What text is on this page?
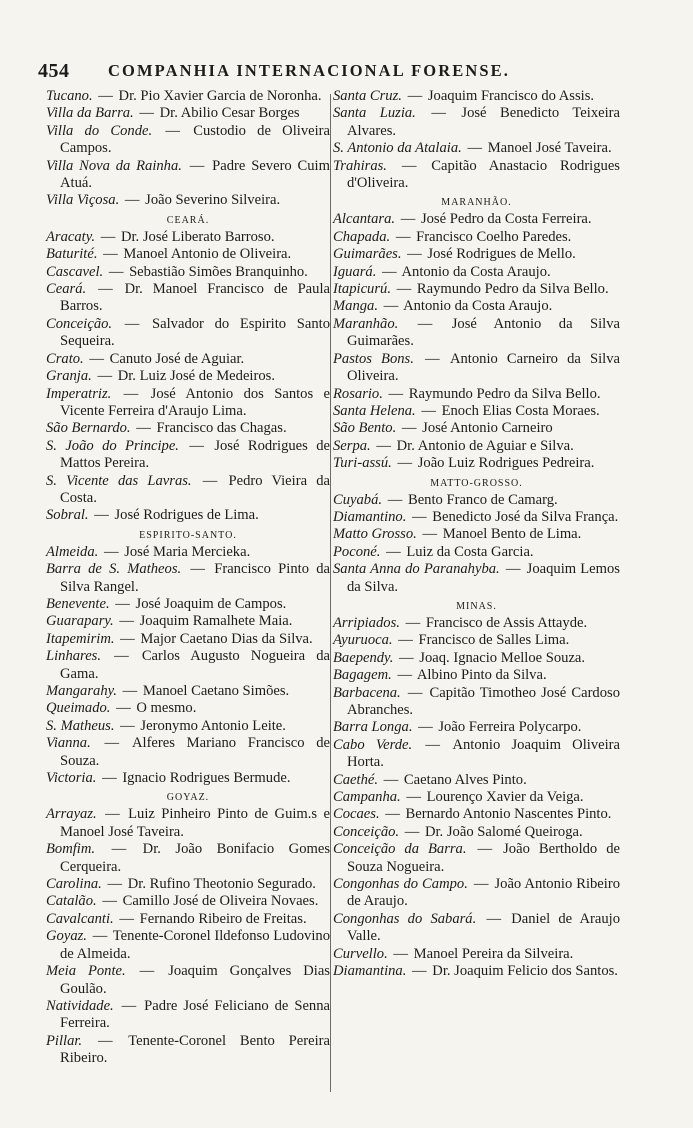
454 COMPANHIA INTERNACIONAL FORENSE.
Tucano. — Dr. Pio Xavier Garcia de Noronha.
Villa da Barra. — Dr. Abilio Cesar Borges
Villa do Conde. — Custodio de Oliveira Campos.
Villa Nova da Rainha. — Padre Severo Cuim Atuá.
Villa Viçosa. — João Severino Silveira.
CEARÁ.
Aracaty. — Dr. José Liberato Barroso.
Baturité. — Manoel Antonio de Oliveira.
Cascavel. — Sebastião Simões Branquinho.
Ceará. — Dr. Manoel Francisco de Paula Barros.
Conceição. — Salvador do Espirito Santo Sequeira.
Crato. — Canuto José de Aguiar.
Granja. — Dr. Luiz José de Medeiros.
Imperatriz. — José Antonio dos Santos e Vicente Ferreira d'Araujo Lima.
São Bernardo. — Francisco das Chagas.
S. João do Principe. — José Rodrigues de Mattos Pereira.
S. Vicente das Lavras. — Pedro Vieira da Costa.
Sobral. — José Rodrigues de Lima.
ESPIRITO-SANTO.
Almeida. — José Maria Mercieka.
Barra de S. Matheos. — Francisco Pinto da Silva Rangel.
Benevente. — José Joaquim de Campos.
Guarapary. — Joaquim Ramalhete Maia.
Itapemirim. — Major Caetano Dias da Silva.
Linhares. — Carlos Augusto Nogueira da Gama.
Mangarahy. — Manoel Caetano Simões.
Queimado. — O mesmo.
S. Matheus. — Jeronymo Antonio Leite.
Vianna. — Alferes Mariano Francisco de Souza.
Victoria. — Ignacio Rodrigues Bermude.
GOYAZ.
Arrayaz. — Luiz Pinheiro Pinto de Guim.s e Manoel José Taveira.
Bomfim. — Dr. João Bonifacio Gomes Cerqueira.
Carolina. — Dr. Rufino Theotonio Segurado.
Catalão. — Camillo José de Oliveira Novaes.
Cavalcanti. — Fernando Ribeiro de Freitas.
Goyaz. — Tenente-Coronel Ildefonso Ludovino de Almeida.
Meia Ponte. — Joaquim Gonçalves Dias Goulão.
Natividade. — Padre José Feliciano de Senna Ferreira.
Pillar. — Tenente-Coronel Bento Pereira Ribeiro.
Santa Cruz. — Joaquim Francisco do Assis.
Santa Luzia. — José Benedicto Teixeira Alvares.
S. Antonio da Atalaia. — Manoel José Taveira.
Trahiras. — Capitão Anastacio Rodrigues d'Oliveira.
MARANHÃO.
Alcantara. — José Pedro da Costa Ferreira.
Chapada. — Francisco Coelho Paredes.
Guimarães. — José Rodrigues de Mello.
Iguará. — Antonio da Costa Araujo.
Itapicurú. — Raymundo Pedro da Silva Bello.
Manga. — Antonio da Costa Araujo.
Maranhão. — José Antonio da Silva Guimarães.
Pastos Bons. — Antonio Carneiro da Silva Oliveira.
Rosario. — Raymundo Pedro da Silva Bello.
Santa Helena. — Enoch Elias Costa Moraes.
São Bento. — José Antonio Carneiro
Serpa. — Dr. Antonio de Aguiar e Silva.
Turi-assú. — João Luiz Rodrigues Pedreira.
MATTO-GROSSO.
Cuyabá. — Bento Franco de Camarg.
Diamantino. — Benedicto José da Silva França.
Matto Grosso. — Manoel Bento de Lima.
Poconé. — Luiz da Costa Garcia.
Santa Anna do Paranahyba. — Joaquim Lemos da Silva.
MINAS.
Arripiados. — Francisco de Assis Attayde.
Ayuruoca. — Francisco de Salles Lima.
Baependy. — Joaq. Ignacio Melloe Souza.
Bagagem. — Albino Pinto da Silva.
Barbacena. — Capitão Timotheo José Cardoso Abranches.
Barra Longa. — João Ferreira Polycarpo.
Cabo Verde. — Antonio Joaquim Oliveira Horta.
Caethé. — Caetano Alves Pinto.
Campanha. — Lourenço Xavier da Veiga.
Cocaes. — Bernardo Antonio Nascentes Pinto.
Conceição. — Dr. João Salomé Queiroga.
Conceição da Barra. — João Bertholdo de Souza Nogueira.
Congonhas do Campo. — João Antonio Ribeiro de Araujo.
Congonhas do Sabará. — Daniel de Araujo Valle.
Curvello. — Manoel Pereira da Silveira.
Diamantina. — Dr. Joaquim Felicio dos Santos.
